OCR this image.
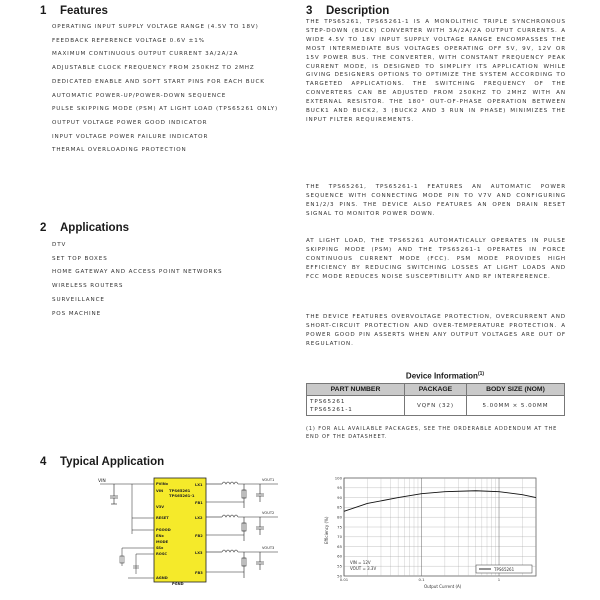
1 Features
OPERATING INPUT SUPPLY VOLTAGE RANGE (4.5V TO 18V)
FEEDBACK REFERENCE VOLTAGE 0.6V ±1%
MAXIMUM CONTINUOUS OUTPUT CURRENT 3A/2A/2A
ADJUSTABLE CLOCK FREQUENCY FROM 250KHZ TO 2MHZ
DEDICATED ENABLE AND SOFT START PINS FOR EACH BUCK
AUTOMATIC POWER-UP/POWER-DOWN SEQUENCE
PULSE SKIPPING MODE (PSM) AT LIGHT LOAD (TPS65261 ONLY)
OUTPUT VOLTAGE POWER GOOD INDICATOR
INPUT VOLTAGE POWER FAILURE INDICATOR
THERMAL OVERLOADING PROTECTION
2 Applications
DTV
SET TOP BOXES
HOME GATEWAY AND ACCESS POINT NETWORKS
WIRELESS ROUTERS
SURVEILLANCE
POS MACHINE
3 Description

THE TPS65261, TPS65261-1 IS A MONOLITHIC TRIPLE SYNCHRONOUS STEP-DOWN (BUCK) CONVERTER WITH 3A/2A/2A OUTPUT CURRENTS. A WIDE 4.5V TO 18V INPUT SUPPLY VOLTAGE RANGE ENCOMPASSES THE MOST INTERMEDIATE BUS VOLTAGES OPERATING OFF 5V, 9V, 12V OR 15V POWER BUS. THE CONVERTER, WITH CONSTANT FREQUENCY PEAK CURRENT MODE, IS DESIGNED TO SIMPLIFY ITS APPLICATION WHILE GIVING DESIGNERS OPTIONS TO OPTIMIZE THE SYSTEM ACCORDING TO TARGETED APPLICATIONS. THE SWITCHING FREQUENCY OF THE CONVERTERS CAN BE ADJUSTED FROM 250KHZ TO 2MHZ WITH AN EXTERNAL RESISTOR. THE 180° OUT-OF-PHASE OPERATION BETWEEN BUCK1 AND BUCK2, 3 (BUCK2 AND 3 RUN IN PHASE) MINIMIZES THE INPUT FILTER REQUIREMENTS.

THE TPS65261, TPS65261-1 FEATURES AN AUTOMATIC POWER SEQUENCE WITH CONNECTING MODE PIN TO V7V AND CONFIGURING EN1/2/3 PINS. THE DEVICE ALSO FEATURES AN OPEN DRAIN RESET SIGNAL TO MONITOR POWER DOWN.

AT LIGHT LOAD, THE TPS65261 AUTOMATICALLY OPERATES IN PULSE SKIPPING MODE (PSM) AND THE TPS65261-1 OPERATES IN FORCE CONTINUOUS CURRENT MODE (FCC). PSM MODE PROVIDES HIGH EFFICIENCY BY REDUCING SWITCHING LOSSES AT LIGHT LOADS AND FCC MODE REDUCES NOISE SUSCEPTIBILITY AND RF INTERFERENCE.

THE DEVICE FEATURES OVERVOLTAGE PROTECTION, OVERCURRENT AND SHORT-CIRCUIT PROTECTION AND OVER-TEMPERATURE PROTECTION. A POWER GOOD PIN ASSERTS WHEN ANY OUTPUT VOLTAGES ARE OUT OF REGULATION.

Device Information$^{(1)}$
PART NUMBER	PACKAGE	BODY SIZE (NOM)

TPS65261
TPS65261-1	VQFN (32)	5.00MM × 5.00MM

(1) FOR ALL AVAILABLE PACKAGES, SEE THE ORDERABLE ADDENDUM AT THE END OF THE DATASHEET.

4 Typical Application
VIN
TPS65261
TPS65261-1
PVINx
VIN
V3V
RESET
PGOOD
ENx
MODE
SSx
ROSC
AGND
LX1
FB1
LX2
FB2
LX3
FB3
PGND
VOUT1
VOUT2
VOUT3
100
95
90
85
80
75
70
65
60
55
50
0.01	0.1	1
Efficiency (%)
Output Current (A)
VIN = 12V
VOUT = 3.3V	TPS65261
